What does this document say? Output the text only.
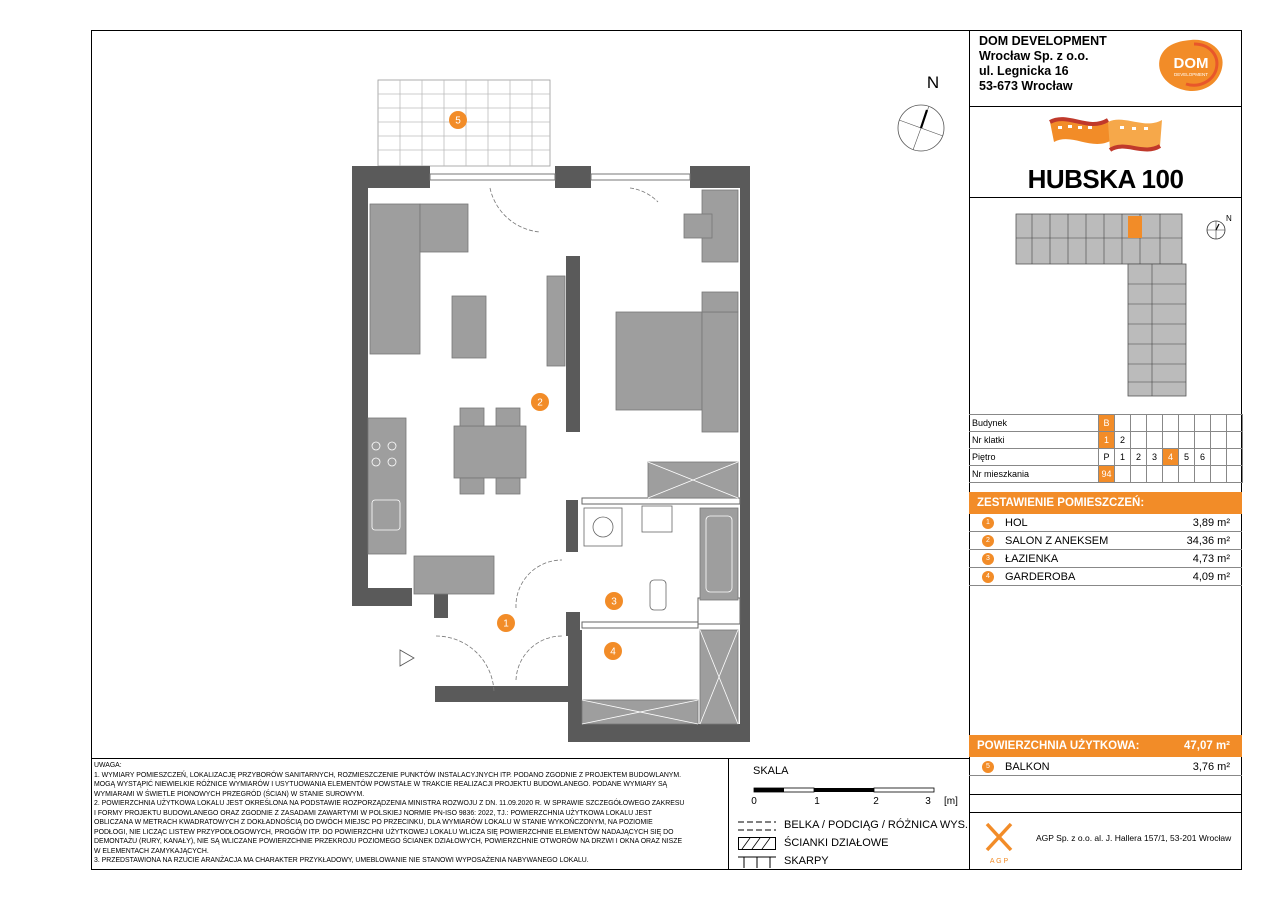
DOM DEVELOPMENT
Wrocław Sp. z o.o.
ul. Legnicka 16
53-673 Wrocław
DOM
DEVELOPMENT
HUBSKA 100
N
Budynek	B								
Nr klatki	1	2							
Piętro	P	1	2	3	4	5	6		
Nr mieszkania	94								
ZESTAWIENIE POMIESZCZEŃ:
1	HOL	3,89 m²
2	SALON Z ANEKSEM	34,36 m²
3	ŁAZIENKA	4,73 m²
4	GARDEROBA	4,09 m²
POWIERZCHNIA UŻYTKOWA:	47,07 m²
5	BALKON	3,76 m²
A G P
AGP Sp. z o.o. al. J. Hallera 157/1, 53-201 Wrocław
UWAGA:
1. WYMIARY POMIESZCZEŃ, LOKALIZACJĘ PRZYBORÓW SANITARNYCH, ROZMIESZCZENIE PUNKTÓW INSTALACYJNYCH ITP. PODANO ZGODNIE Z PROJEKTEM BUDOWLANYM.
MOGĄ WYSTĄPIĆ NIEWIELKIE RÓŻNICE WYMIARÓW I USYTUOWANIA ELEMENTÓW POWSTAŁE W TRAKCIE REALIZACJI PROJEKTU BUDOWLANEGO. PODANE WYMIARY SĄ
WYMIARAMI W ŚWIETLE PIONOWYCH PRZEGRÓD (ŚCIAN) W STANIE SUROWYM.
2. POWIERZCHNIA UŻYTKOWA LOKALU JEST OKREŚLONA NA PODSTAWIE ROZPORZĄDZENIA MINISTRA ROZWOJU Z DN. 11.09.2020 R. W SPRAWIE SZCZEGÓŁOWEGO ZAKRESU
I FORMY PROJEKTU BUDOWLANEGO ORAZ ZGODNIE Z ZASADAMI ZAWARTYMI W POLSKIEJ NORMIE PN-ISO 9836: 2022, TJ.: POWIERZCHNIA UŻYTKOWA LOKALU JEST
OBLICZANA W METRACH KWADRATOWYCH Z DOKŁADNOŚCIĄ DO DWÓCH MIEJSC PO PRZECINKU, DLA WYMIARÓW LOKALU W STANIE WYKOŃCZONYM, NA POZIOMIE
PODŁOGI, NIE LICZĄC LISTEW PRZYPODŁOGOWYCH, PROGÓW ITP. DO POWIERZCHNI UŻYTKOWEJ LOKALU WLICZA SIĘ POWIERZCHNIE ELEMENTÓW NADAJĄCYCH SIĘ DO
DEMONTAŻU (RURY, KANAŁY), NIE SĄ WLICZANE POWIERZCHNIE PRZEKROJU POZIOMEGO ŚCIANEK DZIAŁOWYCH, POWIERZCHNIE OTWORÓW NA DRZWI I OKNA ORAZ NISZE
W ELEMENTACH ZAMYKAJĄCYCH.
3. PRZEDSTAWIONA NA RZUCIE ARANŻACJA MA CHARAKTER PRZYKŁADOWY, UMEBLOWANIE NIE STANOWI WYPOSAŻENIA NABYWANEGO LOKALU.
SKALA
0	1	2	3 [m]
BELKA / PODCIĄG / RÓŻNICA WYS.
ŚCIANKI DZIAŁOWE
SKARPY
N
5
2
3
1
4
